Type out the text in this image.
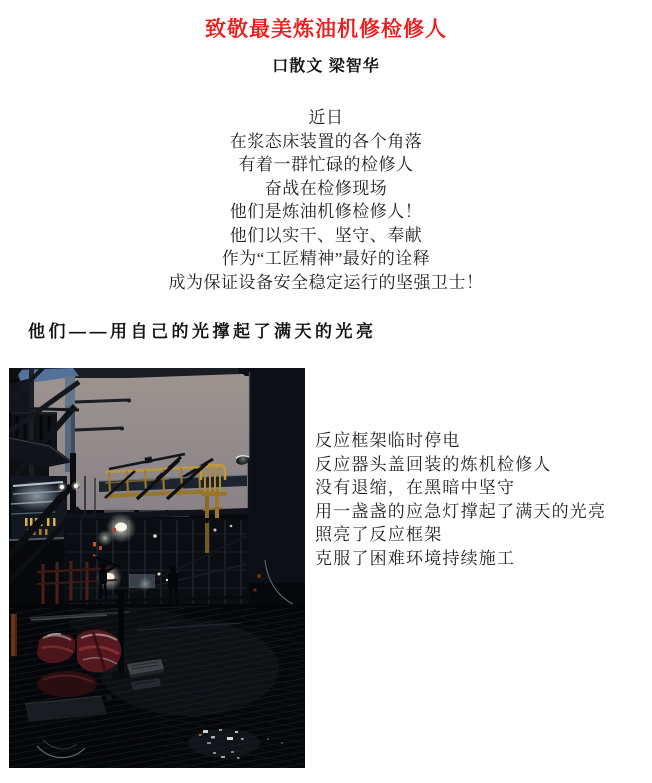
致敬最美炼油机修检修人
口散文 梁智华
近日
在浆态床装置的各个角落
有着一群忙碌的检修人
奋战在检修现场
他们是炼油机修检修人！
他们以实干、坚守、奉献
作为“工匠精神”最好的诠释
成为保证设备安全稳定运行的坚强卫士！
他们——用自己的光撑起了满天的光亮
反应框架临时停电
反应器头盖回装的炼机检修人
没有退缩，在黑暗中坚守
用一盏盏的应急灯撑起了满天的光亮
照亮了反应框架
克服了困难环境持续施工
